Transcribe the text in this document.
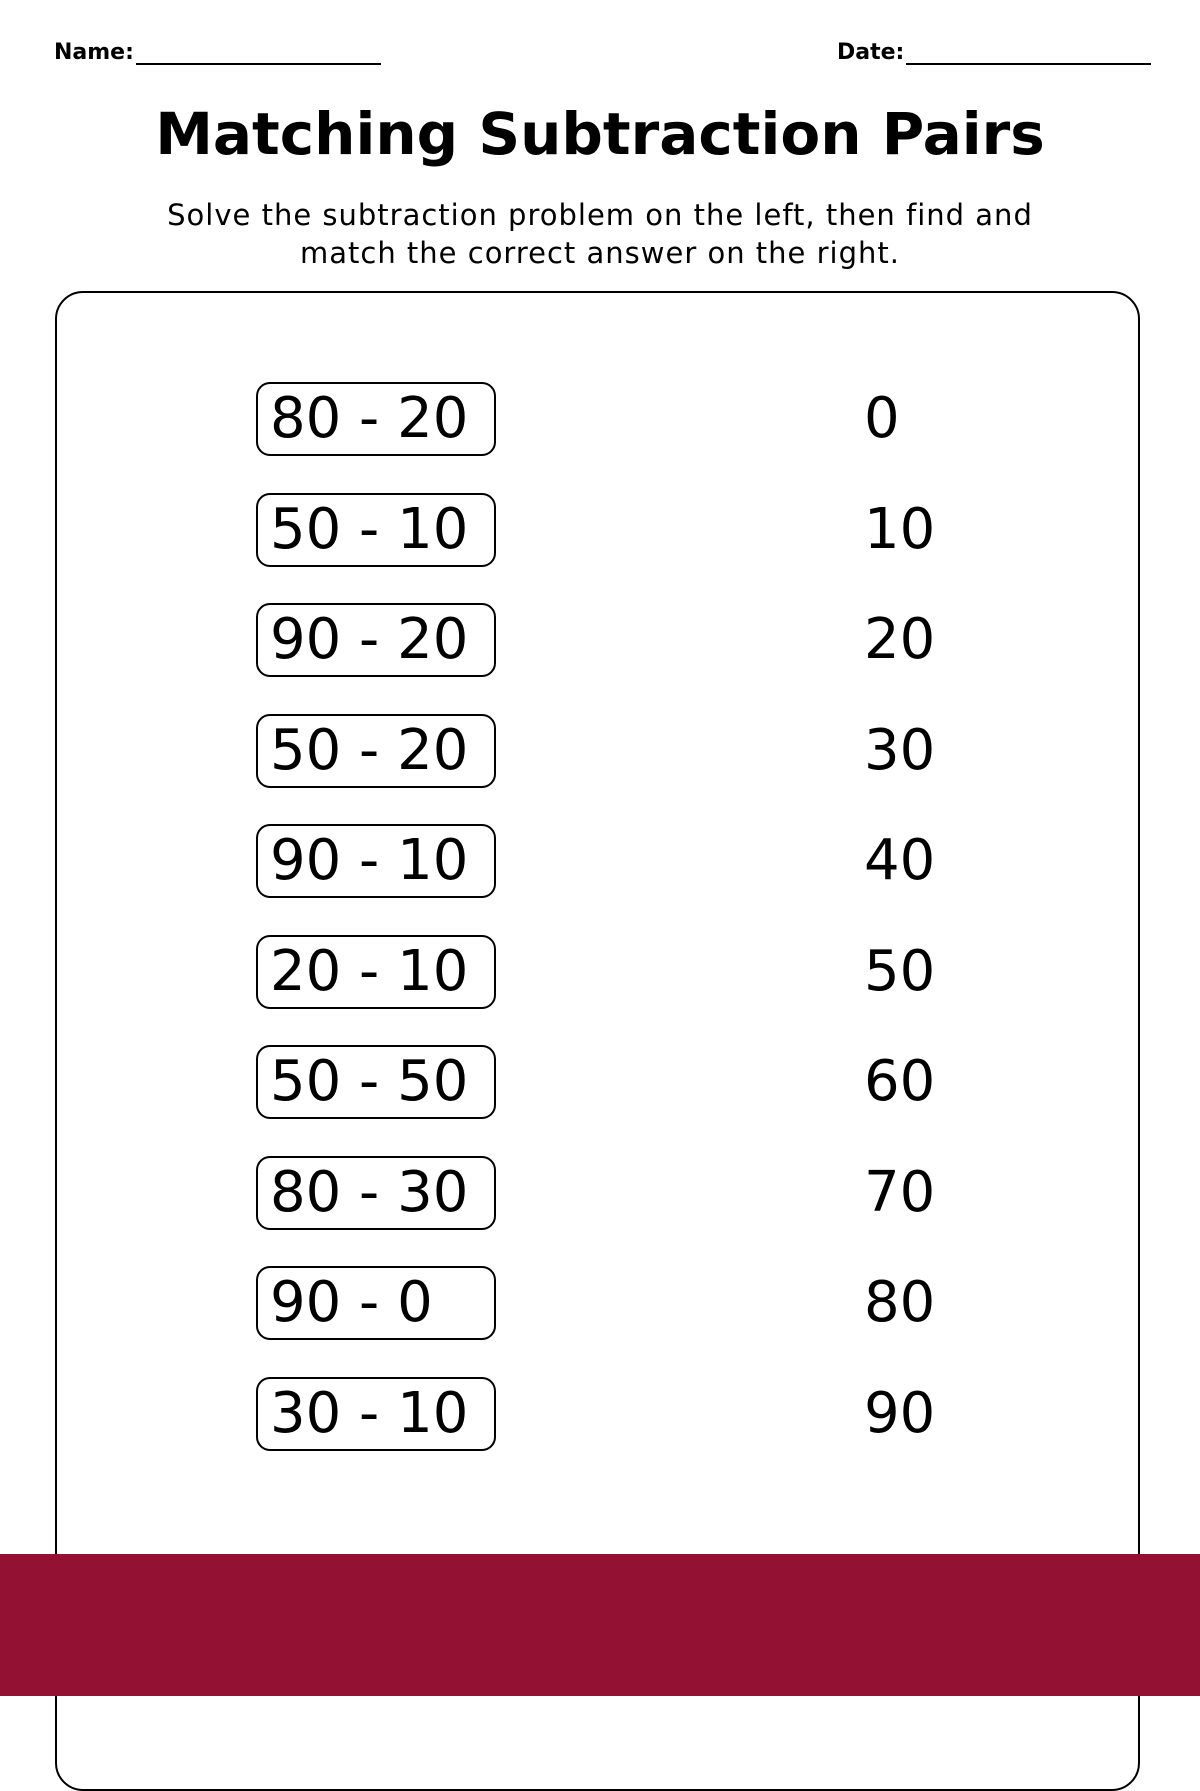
Name:	Date:
Matching Subtraction Pairs
Solve the subtraction problem on the left, then find and
match the correct answer on the right.
80 - 20
50 - 10
90 - 20
50 - 20
90 - 10
20 - 10
50 - 50
80 - 30
90 - 0
30 - 10
0
10
20
30
40
50
60
70
80
90
